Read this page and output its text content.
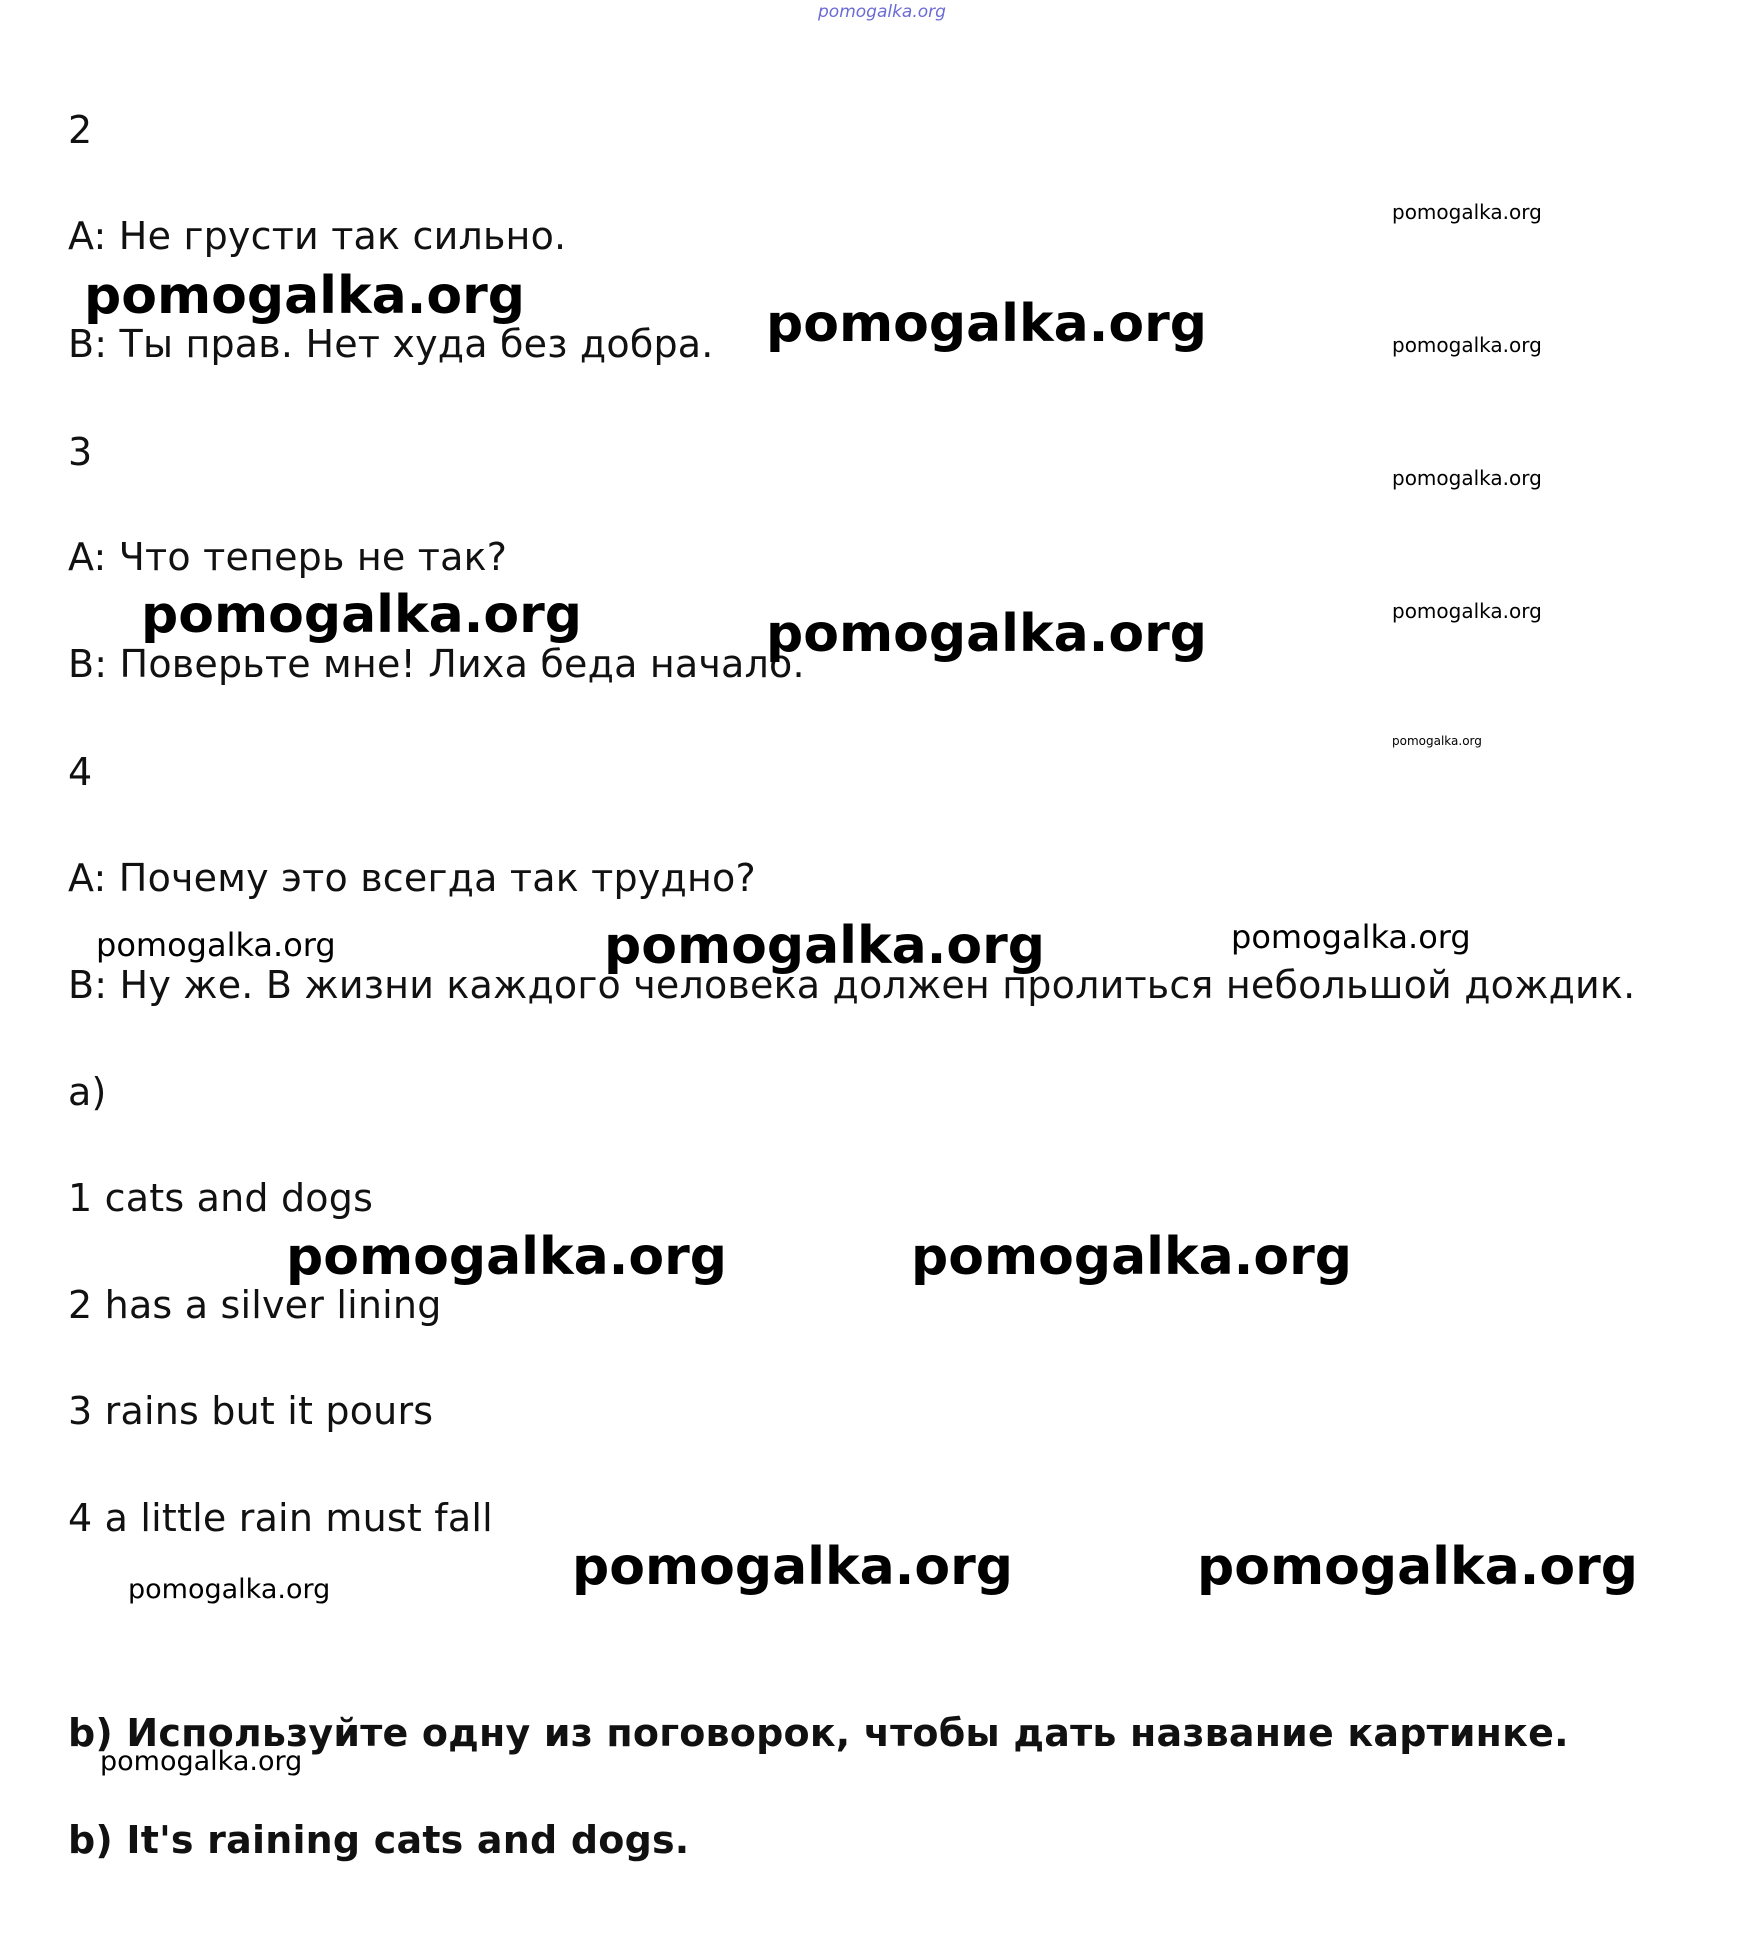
pomogalka.org
2
A: Не грусти так сильно.
B: Ты прав. Нет худа без добра.
3
A: Что теперь не так?
B: Поверьте мне! Лиха беда начало.
4
A: Почему это всегда так трудно?
B: Ну же. В жизни каждого человека должен пролиться небольшой дождик.
a)
1 cats and dogs
2 has a silver lining
3 rains but it pours
4 a little rain must fall
b) Используйте одну из поговорок, чтобы дать название картинке.
b) It's raining cats and dogs.
pomogalka.org
pomogalka.org
pomogalka.org
pomogalka.org
pomogalka.org
pomogalka.org	pomogalka.org
pomogalka.org	pomogalka.org
pomogalka.org	pomogalka.org	pomogalka.org
pomogalka.org	pomogalka.org
pomogalka.org	pomogalka.org	pomogalka.org
pomogalka.org
